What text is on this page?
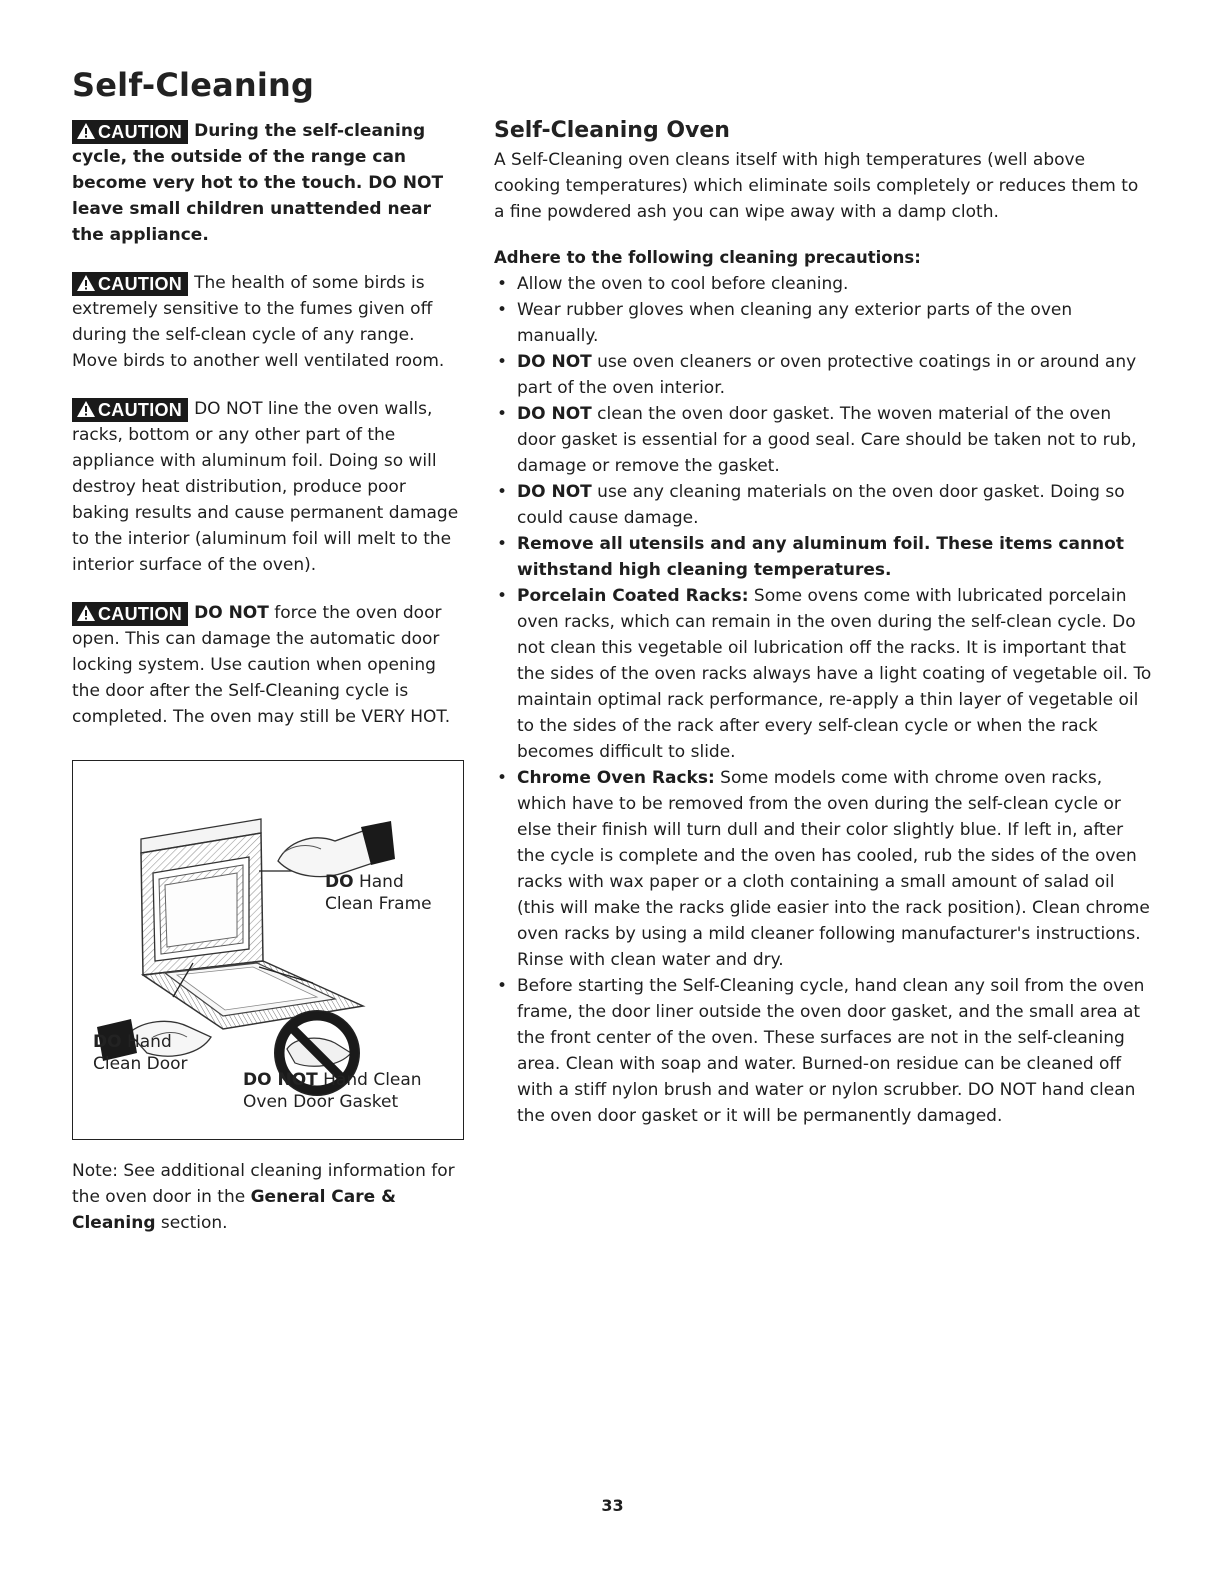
Self-Cleaning

CAUTION During the self-cleaning cycle, the outside of the range can become very hot to the touch. DO NOT leave small children unattended near the appliance.

CAUTION The health of some birds is extremely sensitive to the fumes given off during the self-clean cycle of any range. Move birds to another well ventilated room.

CAUTION DO NOT line the oven walls, racks, bottom or any other part of the appliance with aluminum foil. Doing so will destroy heat distribution, produce poor baking results and cause permanent damage to the interior (aluminum foil will melt to the interior surface of the oven).

CAUTION DO NOT force the oven door open. This can damage the automatic door locking system. Use caution when opening the door after the Self-Cleaning cycle is completed. The oven may still be VERY HOT.

DO Hand
Clean Frame
DO Hand
Clean Door
DO NOT Hand Clean
Oven Door Gasket

Note: See additional cleaning information for the oven door in the General Care & Cleaning section.

Self-Cleaning Oven

A Self-Cleaning oven cleans itself with high temperatures (well above cooking temperatures) which eliminate soils completely or reduces them to a fine powdered ash you can wipe away with a damp cloth.

Adhere to the following cleaning precautions:

• Allow the oven to cool before cleaning.
• Wear rubber gloves when cleaning any exterior parts of the oven manually.
• DO NOT use oven cleaners or oven protective coatings in or around any part of the oven interior.
• DO NOT clean the oven door gasket. The woven material of the oven door gasket is essential for a good seal. Care should be taken not to rub, damage or remove the gasket.
• DO NOT use any cleaning materials on the oven door gasket. Doing so could cause damage.
• Remove all utensils and any aluminum foil. These items cannot withstand high cleaning temperatures.
• Porcelain Coated Racks: Some ovens come with lubricated porcelain oven racks, which can remain in the oven during the self-clean cycle. Do not clean this vegetable oil lubrication off the racks. It is important that the sides of the oven racks always have a light coating of vegetable oil. To maintain optimal rack performance, re-apply a thin layer of vegetable oil to the sides of the rack after every self-clean cycle or when the rack becomes difficult to slide.
• Chrome Oven Racks: Some models come with chrome oven racks, which have to be removed from the oven during the self-clean cycle or else their finish will turn dull and their color slightly blue. If left in, after the cycle is complete and the oven has cooled, rub the sides of the oven racks with wax paper or a cloth containing a small amount of salad oil (this will make the racks glide easier into the rack position). Clean chrome oven racks by using a mild cleaner following manufacturer's instructions. Rinse with clean water and dry.
• Before starting the Self-Cleaning cycle, hand clean any soil from the oven frame, the door liner outside the oven door gasket, and the small area at the front center of the oven. These surfaces are not in the self-cleaning area. Clean with soap and water. Burned-on residue can be cleaned off with a stiff nylon brush and water or nylon scrubber. DO NOT hand clean the oven door gasket or it will be permanently damaged.
33
